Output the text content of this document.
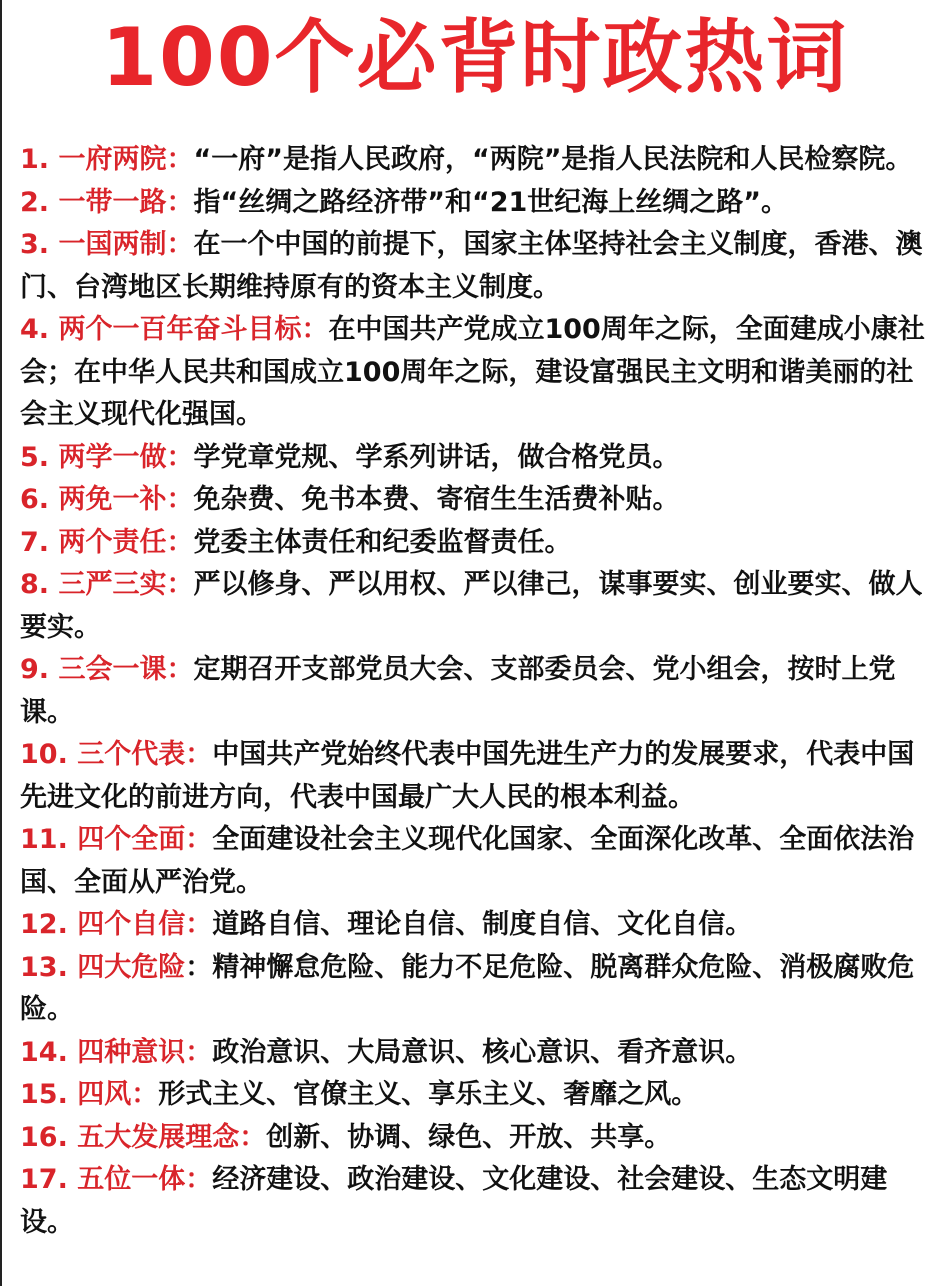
100个必背时政热词

1. 一府两院：“一府”是指人民政府，“两院”是指人民法院和人民检察院。

2. 一带一路：指“丝绸之路经济带”和“21世纪海上丝绸之路”。

3. 一国两制：在一个中国的前提下，国家主体坚持社会主义制度，香港、澳门、台湾地区长期维持原有的资本主义制度。

4. 两个一百年奋斗目标：在中国共产党成立100周年之际，全面建成小康社会；在中华人民共和国成立100周年之际，建设富强民主文明和谐美丽的社会主义现代化强国。

5. 两学一做：学党章党规、学系列讲话，做合格党员。

6. 两免一补：免杂费、免书本费、寄宿生生活费补贴。

7. 两个责任：党委主体责任和纪委监督责任。

8. 三严三实：严以修身、严以用权、严以律己，谋事要实、创业要实、做人要实。

9. 三会一课：定期召开支部党员大会、支部委员会、党小组会，按时上党课。

10. 三个代表：中国共产党始终代表中国先进生产力的发展要求，代表中国先进文化的前进方向，代表中国最广大人民的根本利益。

11. 四个全面：全面建设社会主义现代化国家、全面深化改革、全面依法治国、全面从严治党。

12. 四个自信：道路自信、理论自信、制度自信、文化自信。

13. 四大危险：精神懈怠危险、能力不足危险、脱离群众危险、消极腐败危险。

14. 四种意识：政治意识、大局意识、核心意识、看齐意识。

15. 四风：形式主义、官僚主义、享乐主义、奢靡之风。

16. 五大发展理念：创新、协调、绿色、开放、共享。

17. 五位一体：经济建设、政治建设、文化建设、社会建设、生态文明建设。
